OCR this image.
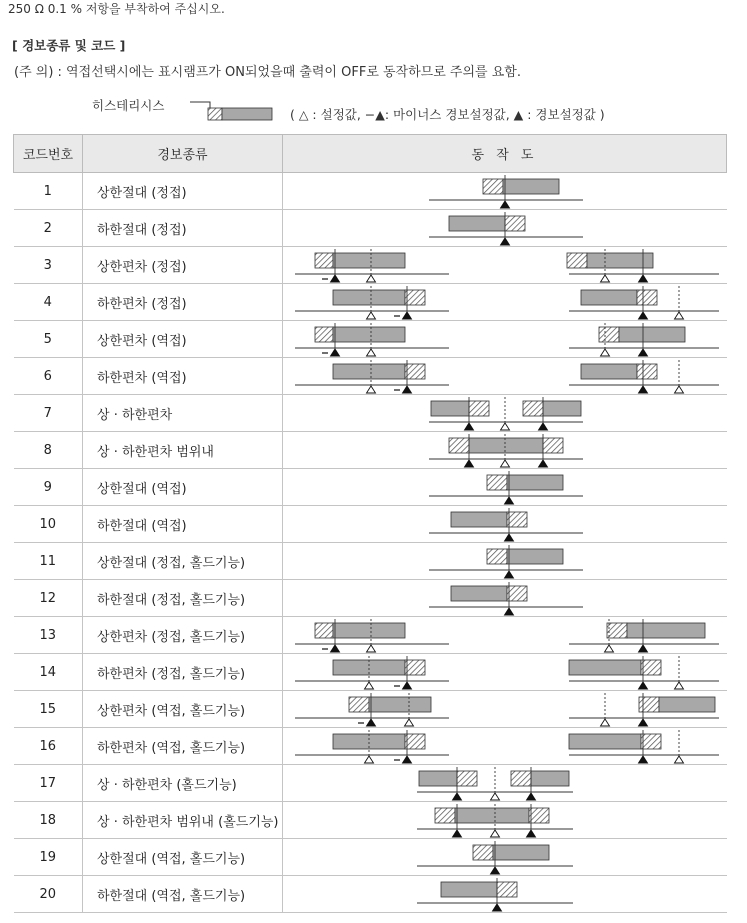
250 Ω 0.1 % 저항을 부착하여 주십시오.
[ 경보종류 및 코드 ]
(주 의) : 역접선택시에는 표시램프가 ON되었을때 출력이 OFF로 동작하므로 주의를 요함.
히스테리시스
( △ : 설정값, −▲: 마이너스 경보설정값, ▲ : 경보설정값 )
코드번호	경보종류	동 작 도
1	상한절대 (정접)	

2	하한절대 (정접)	

3	상한편차 (정접)	

4	하한편차 (정접)	

5	상한편차 (역접)	

6	하한편차 (역접)	

7	상 · 하한편차	

8	상 · 하한편차 범위내	

9	상한절대 (역접)	

10	하한절대 (역접)	

11	상한절대 (정접, 홀드기능)	

12	하한절대 (정접, 홀드기능)	

13	상한편차 (정접, 홀드기능)	

14	하한편차 (정접, 홀드기능)	

15	상한편차 (역접, 홀드기능)	

16	하한편차 (역접, 홀드기능)	

17	상 · 하한편차 (홀드기능)	

18	상 · 하한편차 범위내 (홀드기능)	

19	상한절대 (역접, 홀드기능)	

20	하한절대 (역접, 홀드기능)	
